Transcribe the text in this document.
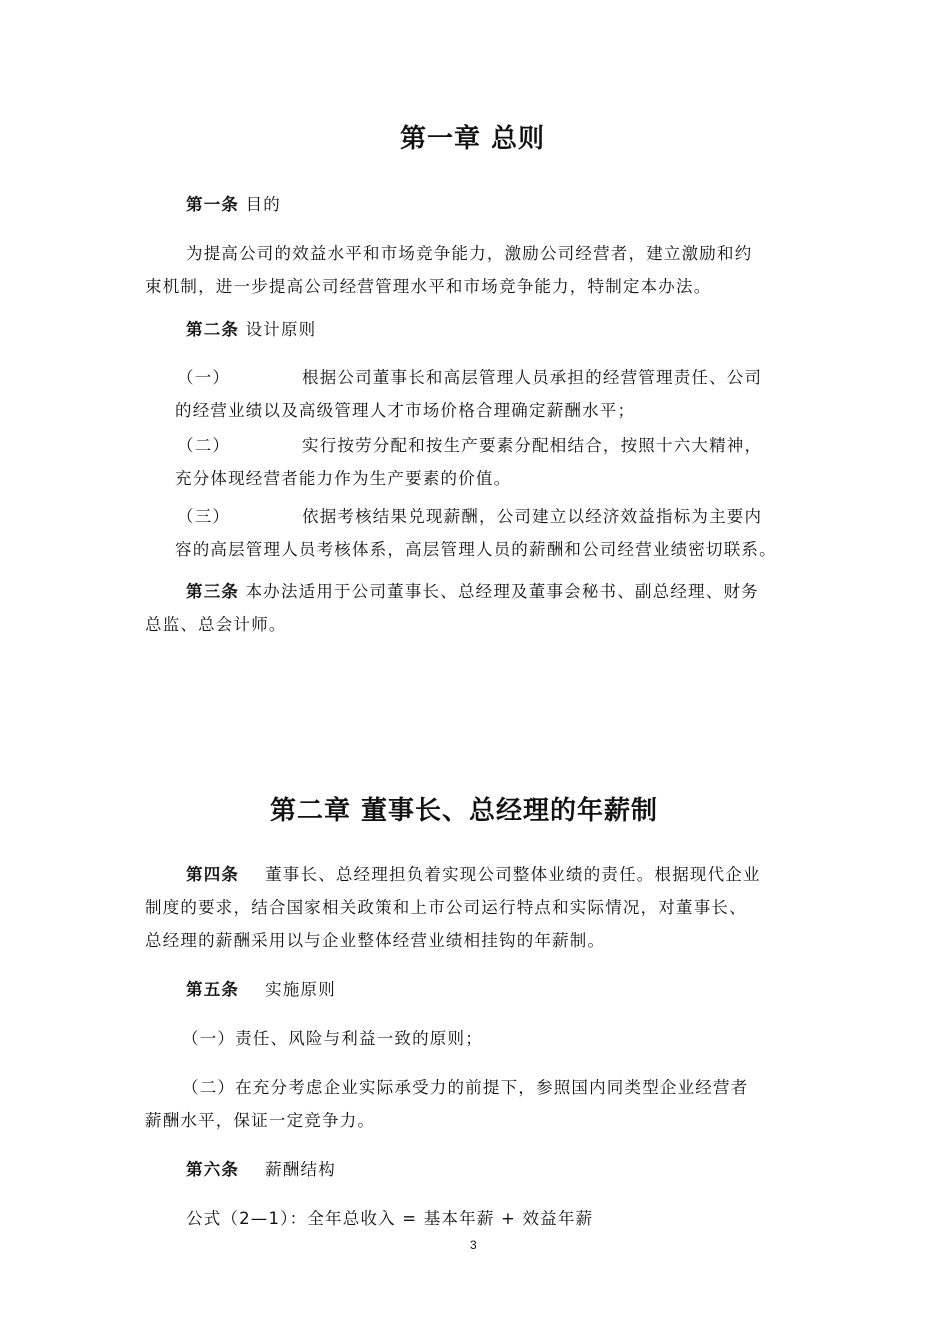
第一章 总则
第一条 目的
为提高公司的效益水平和市场竞争能力，激励公司经营者，建立激励和约
束机制，进一步提高公司经营管理水平和市场竞争能力，特制定本办法。
第二条 设计原则
（一）	根据公司董事长和高层管理人员承担的经营管理责任、公司
的经营业绩以及高级管理人才市场价格合理确定薪酬水平；
（二）	实行按劳分配和按生产要素分配相结合，按照十六大精神，
充分体现经营者能力作为生产要素的价值。
（三）	依据考核结果兑现薪酬，公司建立以经济效益指标为主要内
容的高层管理人员考核体系，高层管理人员的薪酬和公司经营业绩密切联系。
第三条 本办法适用于公司董事长、总经理及董事会秘书、副总经理、财务
总监、总会计师。
第二章 董事长、总经理的年薪制
第四条 董事长、总经理担负着实现公司整体业绩的责任。根据现代企业
制度的要求，结合国家相关政策和上市公司运行特点和实际情况，对董事长、
总经理的薪酬采用以与企业整体经营业绩相挂钩的年薪制。
第五条 实施原则
（一）责任、风险与利益一致的原则；
（二）在充分考虑企业实际承受力的前提下，参照国内同类型企业经营者
薪酬水平，保证一定竞争力。
第六条 薪酬结构
公式（2—1）：全年总收入 = 基本年薪 + 效益年薪
3
